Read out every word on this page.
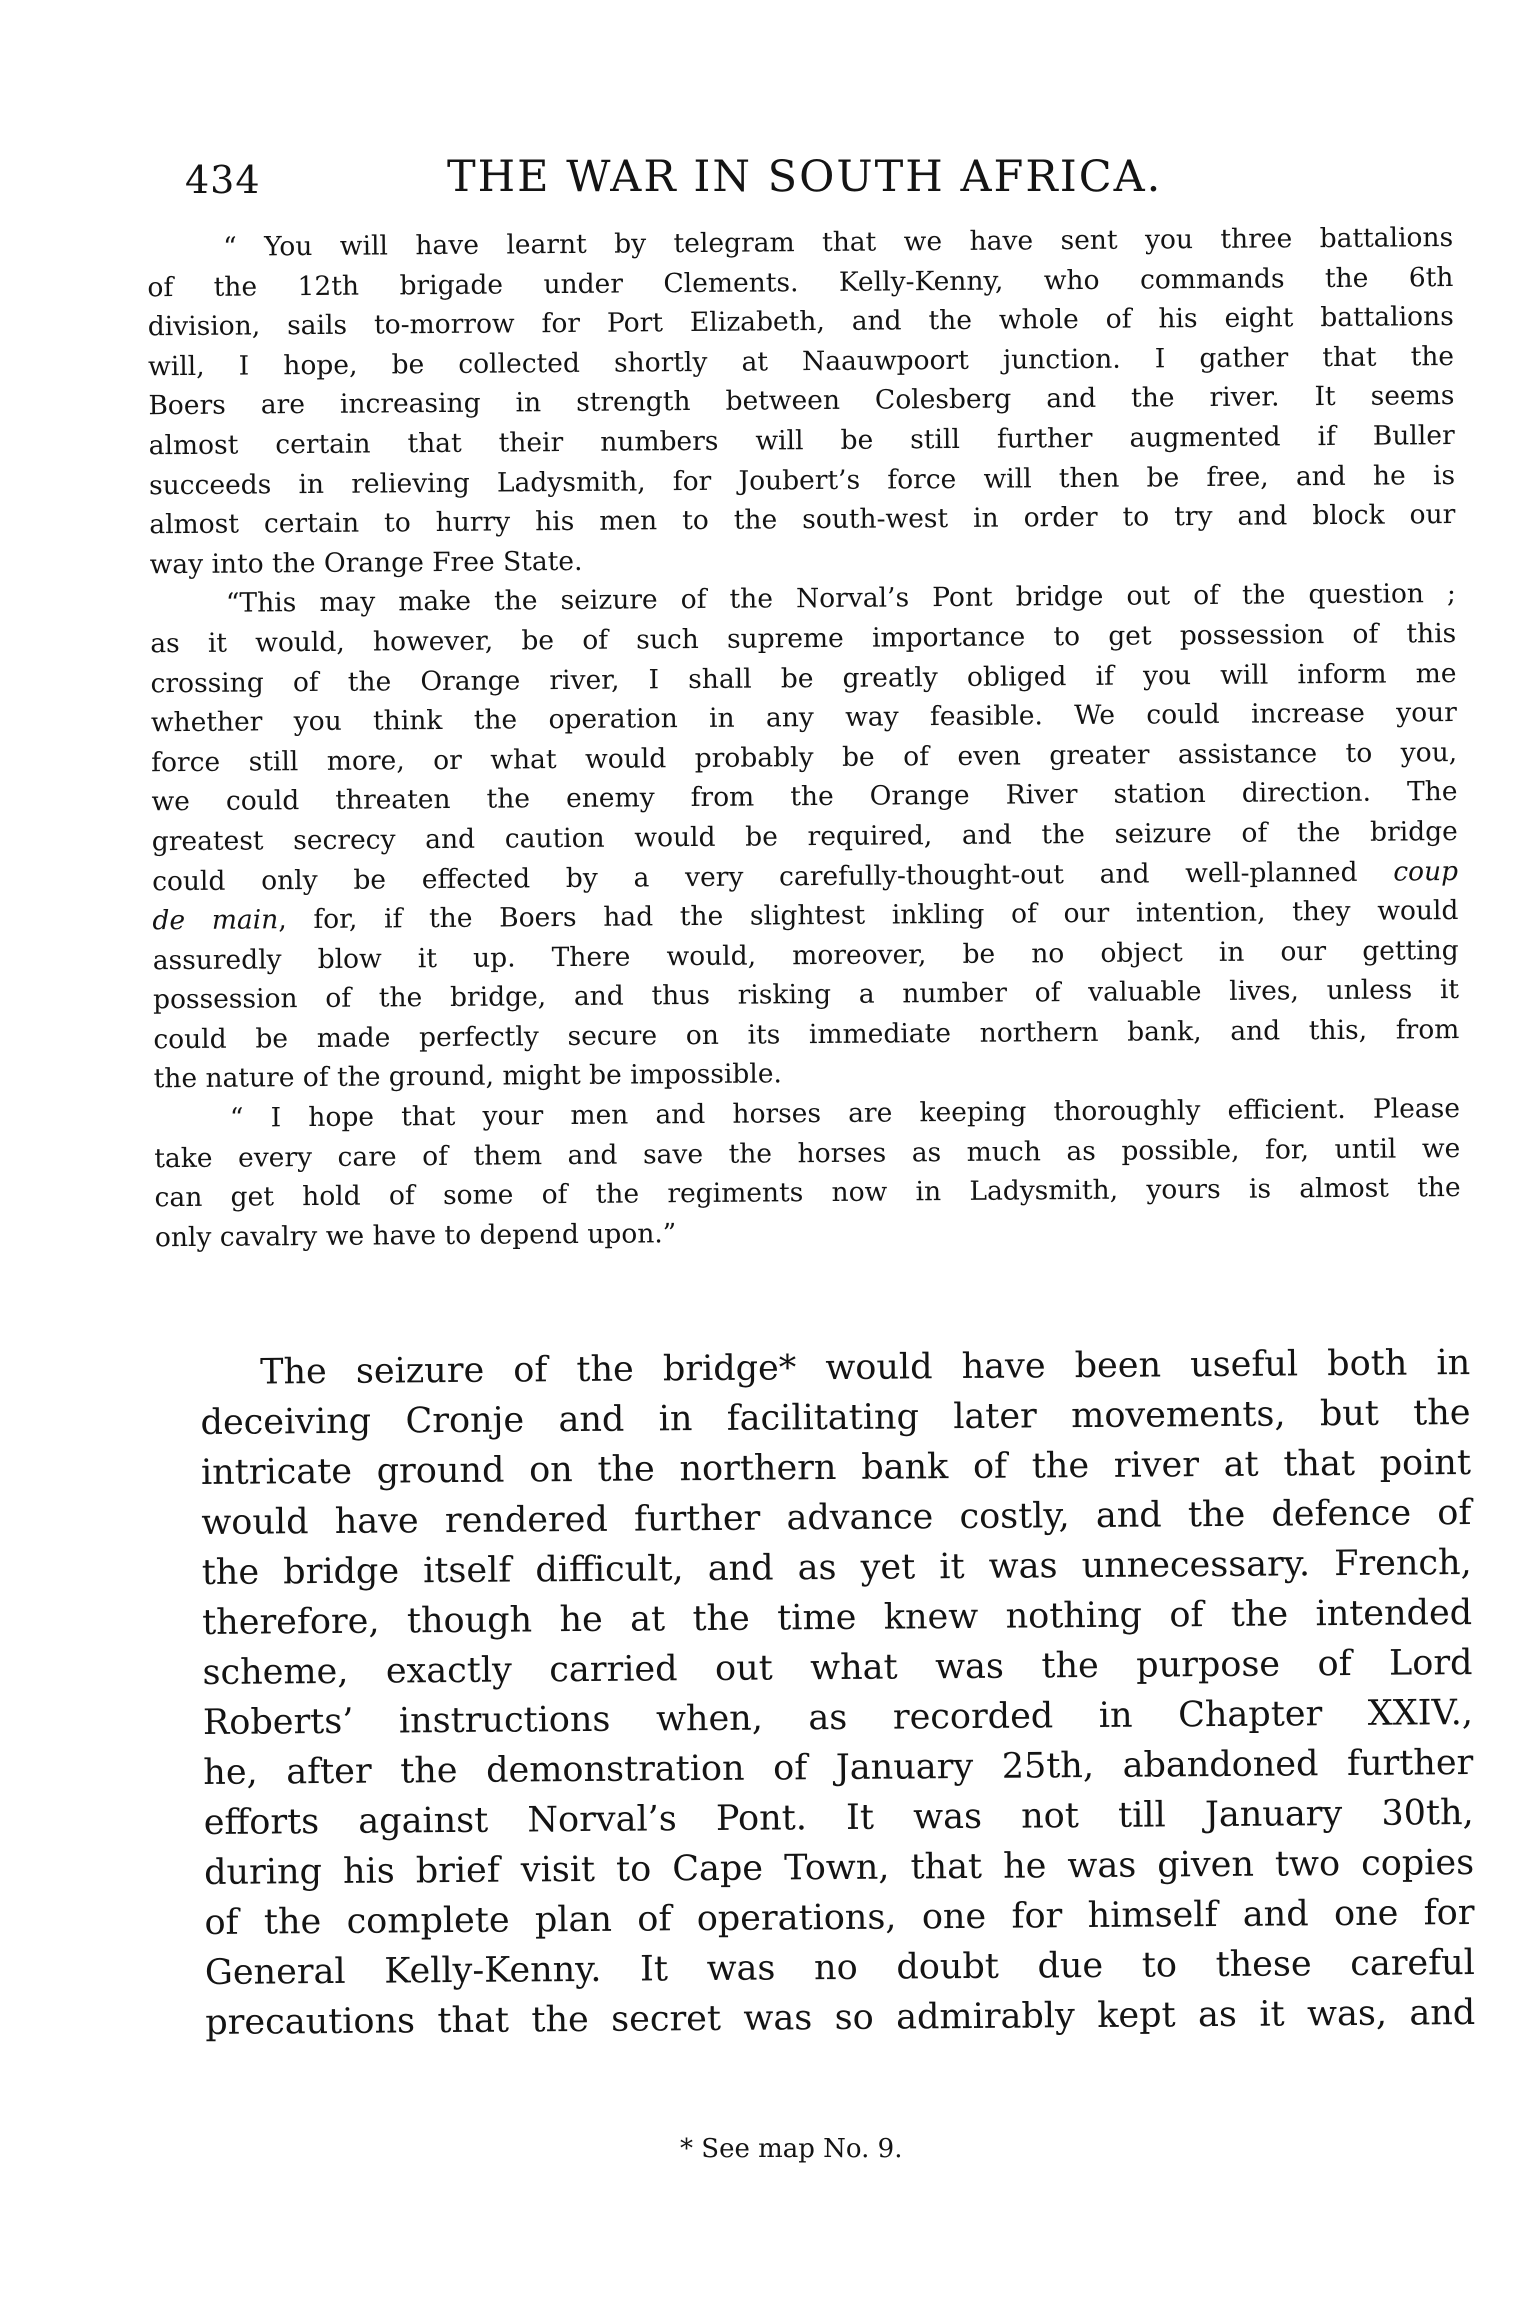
434	THE WAR IN SOUTH AFRICA.

“ You will have learnt by telegram that we have sent you three battalions
of the 12th brigade under Clements. Kelly-Kenny, who commands the 6th
division, sails to-morrow for Port Elizabeth, and the whole of his eight battalions
will, I hope, be collected shortly at Naauwpoort junction. I gather that the
Boers are increasing in strength between Colesberg and the river. It seems
almost certain that their numbers will be still further augmented if Buller
succeeds in relieving Ladysmith, for Joubert’s force will then be free, and he is
almost certain to hurry his men to the south-west in order to try and block our
way into the Orange Free State.

“This may make the seizure of the Norval’s Pont bridge out of the question ;
as it would, however, be of such supreme importance to get possession of this
crossing of the Orange river, I shall be greatly obliged if you will inform me
whether you think the operation in any way feasible. We could increase your
force still more, or what would probably be of even greater assistance to you,
we could threaten the enemy from the Orange River station direction. The
greatest secrecy and caution would be required, and the seizure of the bridge
could only be effected by a very carefully-thought-out and well-planned coup
de main, for, if the Boers had the slightest inkling of our intention, they would
assuredly blow it up. There would, moreover, be no object in our getting
possession of the bridge, and thus risking a number of valuable lives, unless it
could be made perfectly secure on its immediate northern bank, and this, from
the nature of the ground, might be impossible.

“ I hope that your men and horses are keeping thoroughly efficient. Please
take every care of them and save the horses as much as possible, for, until we
can get hold of some of the regiments now in Ladysmith, yours is almost the
only cavalry we have to depend upon.”

The seizure of the bridge* would have been useful both in
deceiving Cronje and in facilitating later movements, but the
intricate ground on the northern bank of the river at that point
would have rendered further advance costly, and the defence of
the bridge itself difficult, and as yet it was unnecessary. French,
therefore, though he at the time knew nothing of the intended
scheme, exactly carried out what was the purpose of Lord
Roberts’ instructions when, as recorded in Chapter XXIV.,
he, after the demonstration of January 25th, abandoned further
efforts against Norval’s Pont. It was not till January 30th,
during his brief visit to Cape Town, that he was given two copies
of the complete plan of operations, one for himself and one for
General Kelly-Kenny. It was no doubt due to these careful
precautions that the secret was so admirably kept as it was, and

* See map No. 9.
